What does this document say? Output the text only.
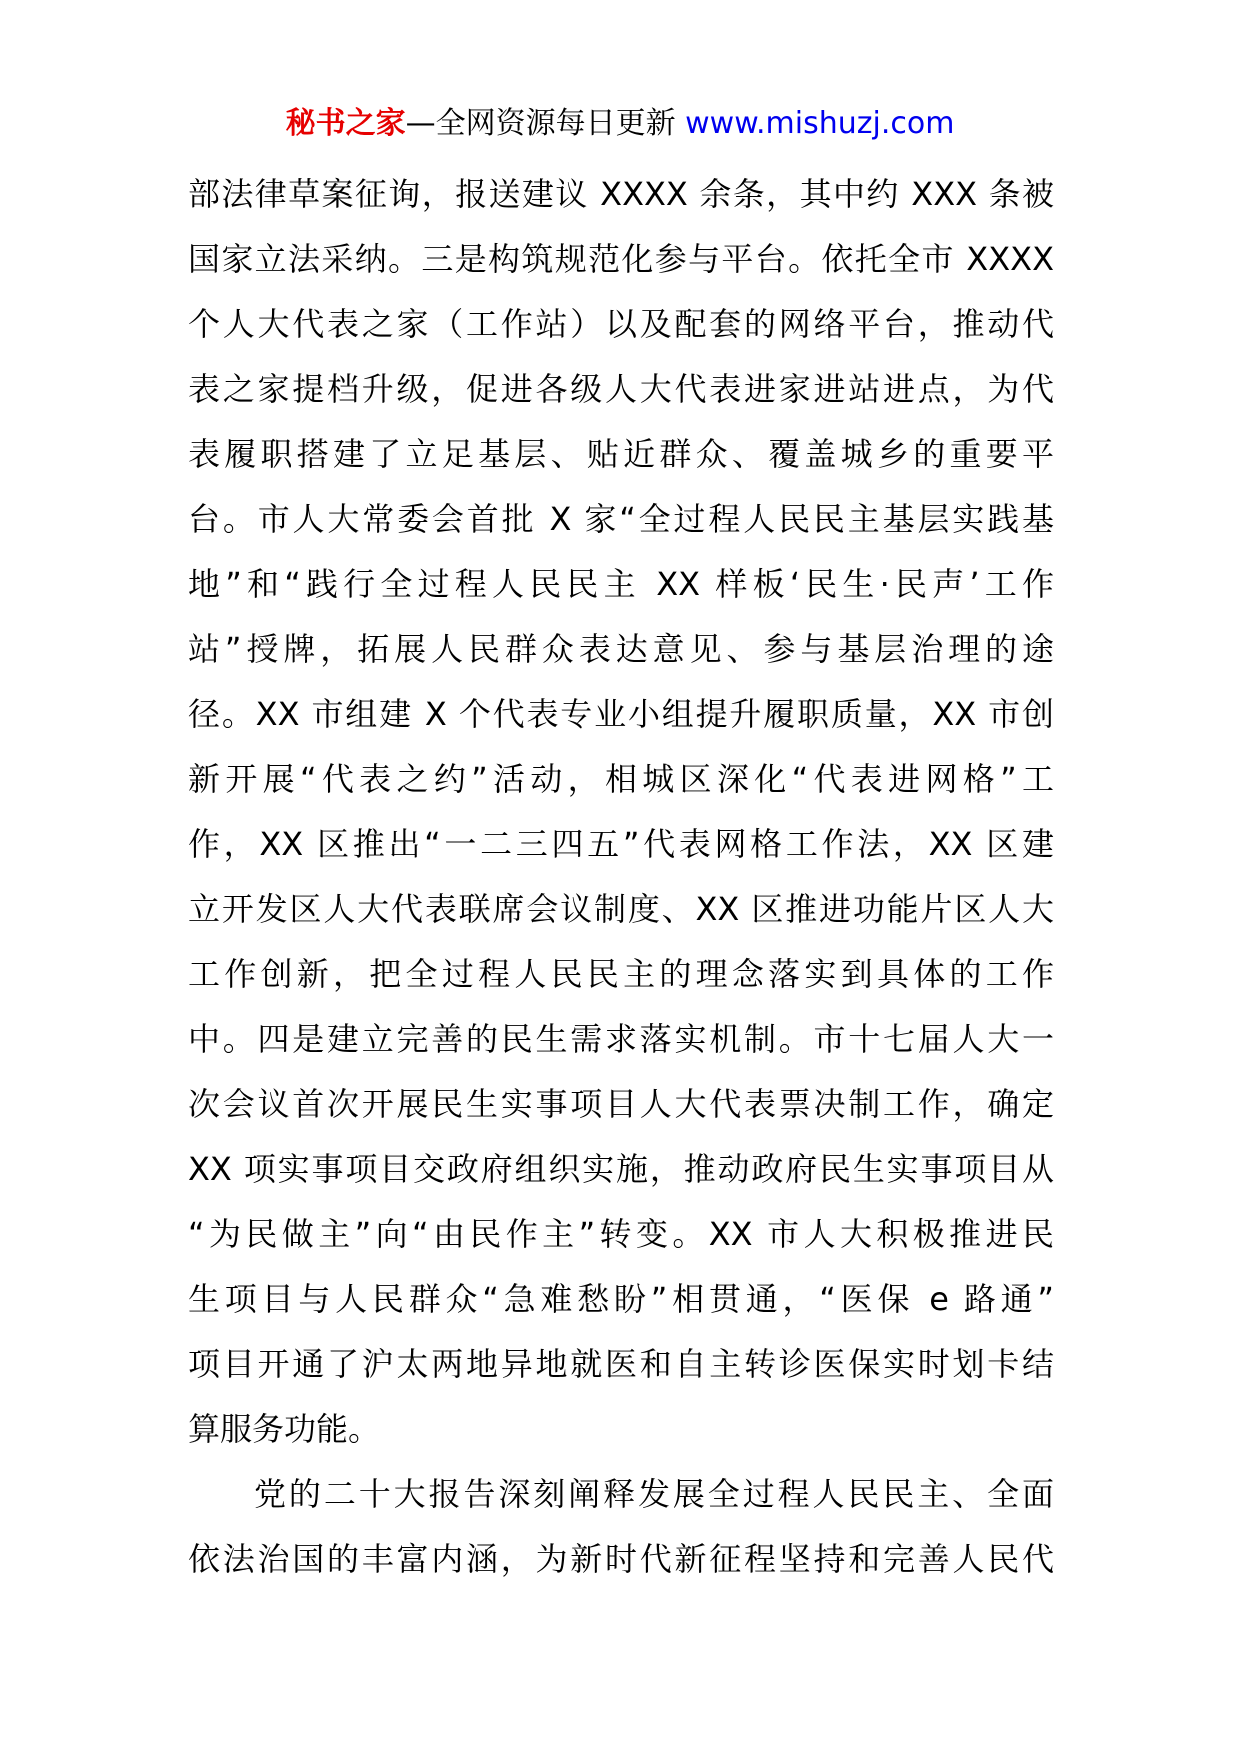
秘书之家—全网资源每日更新 www.mishuzj.com
部法律草案征询，报送建议 XXXX 余条，其中约 XXX 条被
国家立法采纳。三是构筑规范化参与平台。依托全市 XXXX
个人大代表之家（工作站）以及配套的网络平台，推动代
表之家提档升级，促进各级人大代表进家进站进点，为代
表履职搭建了立足基层、贴近群众、覆盖城乡的重要平
台。市人大常委会首批 X 家“全过程人民民主基层实践基
地”和“践行全过程人民民主 XX 样板‘民生·民声’工作
站”授牌，拓展人民群众表达意见、参与基层治理的途
径。XX 市组建 X 个代表专业小组提升履职质量，XX 市创
新开展“代表之约”活动，相城区深化“代表进网格”工
作，XX 区推出“一二三四五”代表网格工作法，XX 区建
立开发区人大代表联席会议制度、XX 区推进功能片区人大
工作创新，把全过程人民民主的理念落实到具体的工作
中。四是建立完善的民生需求落实机制。市十七届人大一
次会议首次开展民生实事项目人大代表票决制工作，确定
XX 项实事项目交政府组织实施，推动政府民生实事项目从
“为民做主”向“由民作主”转变。XX 市人大积极推进民
生项目与人民群众“急难愁盼”相贯通，“医保 e 路通”
项目开通了沪太两地异地就医和自主转诊医保实时划卡结
算服务功能。
党的二十大报告深刻阐释发展全过程人民民主、全面
依法治国的丰富内涵，为新时代新征程坚持和完善人民代
